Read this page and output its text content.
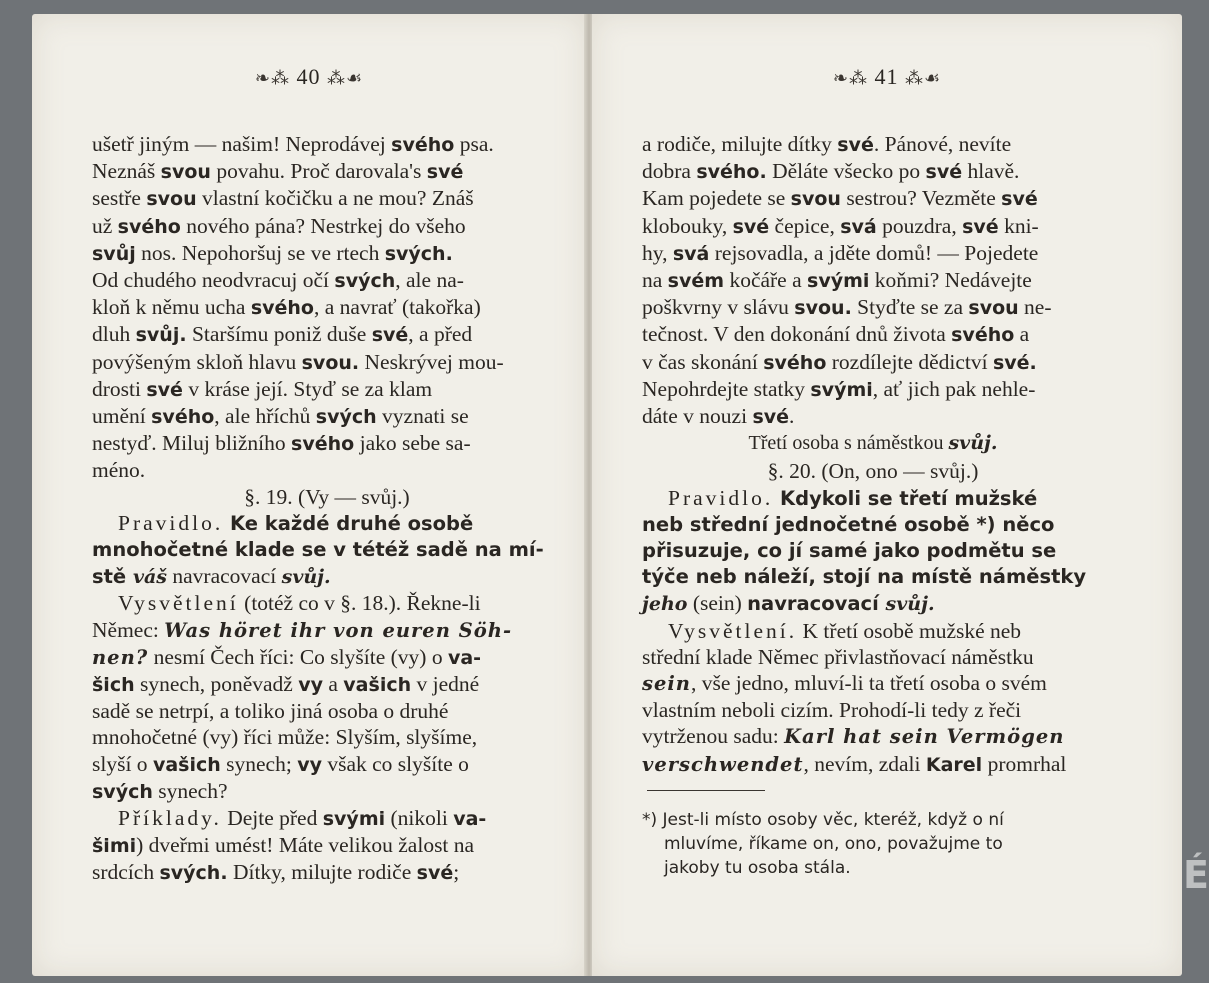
❧⁂ 40 ⁂☙

ušetř jiným — našim! Neprodávej svého psa.

Neznáš svou povahu. Proč darovala's své

sestře svou vlastní kočičku a ne mou? Znáš

už svého nového pána? Nestrkej do všeho

svůj nos. Nepohoršuj se ve rtech svých.

Od chudého neodvracuj očí svých, ale na-

kloň k němu ucha svého, a navrať (takořka)

dluh svůj. Staršímu poniž duše své, a před

povýšeným skloň hlavu svou. Neskrývej mou-

drosti své v kráse její. Styď se za klam

umění svého, ale hříchů svých vyznati se

nestyď. Miluj bližního svého jako sebe sa-

méno.

§. 19. (Vy — svůj.)

Pravidlo. Ke každé druhé osobě

mnohočetné klade se v tétéž sadě na mí-

stě váš navracovací svůj.

Vysvětlení (totéž co v §. 18.). Řekne-li

Němec: Was höret ihr von euren Söh-

nen? nesmí Čech říci: Co slyšíte (vy) o va-

šich synech, poněvadž vy a vašich v jedné

sadě se netrpí, a toliko jiná osoba o druhé

mnohočetné (vy) říci může: Slyším, slyšíme,

slyší o vašich synech; vy však co slyšíte o

svých synech?

Příklady. Dejte před svými (nikoli va-

šimi) dveřmi umést! Máte velikou žalost na

srdcích svých. Dítky, milujte rodiče své;

❧⁂ 41 ⁂☙

a rodiče, milujte dítky své. Pánové, nevíte

dobra svého. Děláte všecko po své hlavě.

Kam pojedete se svou sestrou? Vezměte své

klobouky, své čepice, svá pouzdra, své kni-

hy, svá rejsovadla, a jděte domů! — Pojedete

na svém kočáře a svými koňmi? Nedávejte

poškvrny v slávu svou. Styďte se za svou ne-

tečnost. V den dokonání dnů života svého a

v čas skonání svého rozdílejte dědictví své.

Nepohrdejte statky svými, ať jich pak nehle-

dáte v nouzi své.

Třetí osoba s náměstkou svůj.

§. 20. (On, ono — svůj.)

Pravidlo. Kdykoli se třetí mužské

neb střední jednočetné osobě *) něco

přisuzuje, co jí samé jako podmětu se

týče neb náleží, stojí na místě náměstky

jeho (sein) navracovací svůj.

Vysvětlení. K třetí osobě mužské neb

střední klade Němec přivlastňovací náměstku

sein, vše jedno, mluví-li ta třetí osoba o svém

vlastním neboli cizím. Prohodí-li tedy z řeči

vytrženou sadu: Karl hat sein Vermögen

verschwendet, nevím, zdali Karel promrhal

*) Jest-li místo osoby věc, kteréž, když o ní

mluvíme, říkame on, ono, považujme to

jakoby tu osoba stála.	É
